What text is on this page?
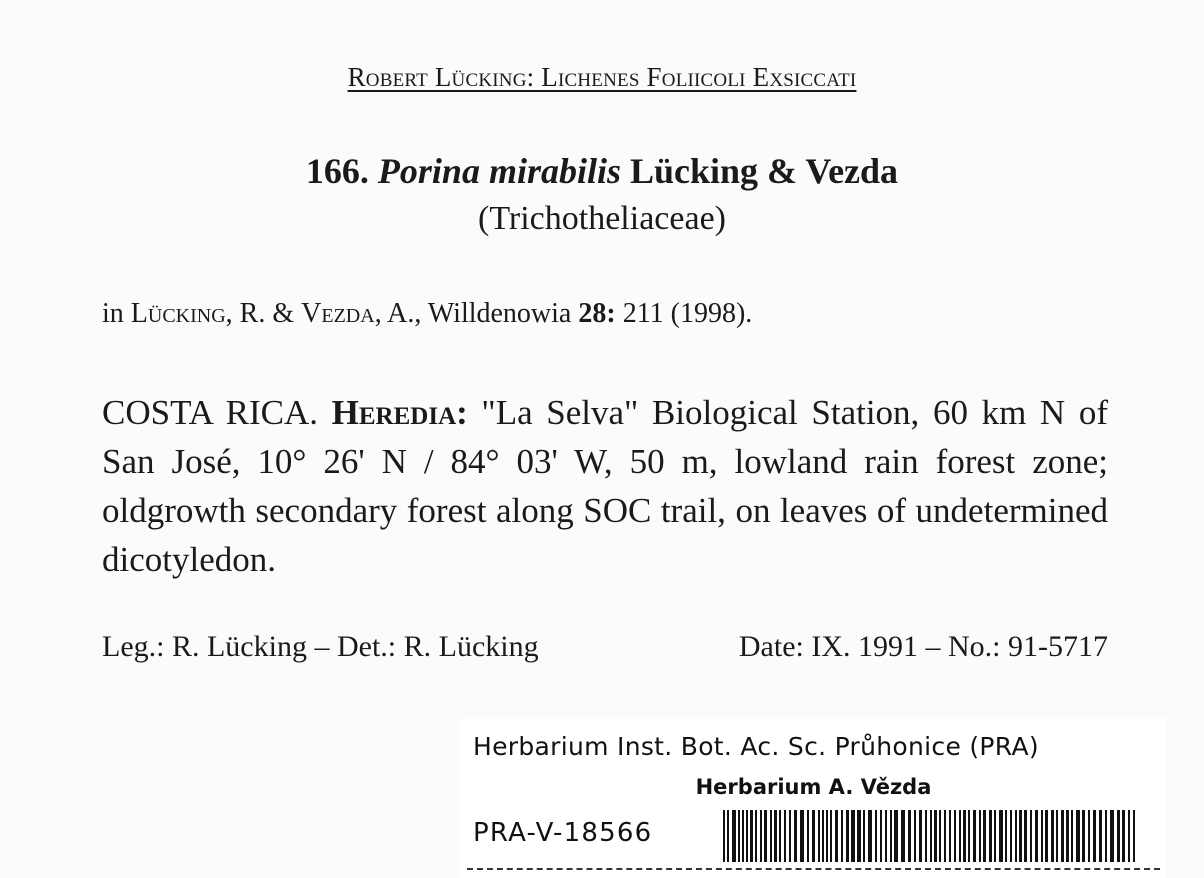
Robert Lücking: Lichenes Foliicoli Exsiccati
166. Porina mirabilis Lücking & Vezda
(Trichotheliaceae)
in Lücking, R. & Vezda, A., Willdenowia 28: 211 (1998).
COSTA RICA. Heredia: "La Selva" Biological Station, 60 km N of San José, 10° 26' N / 84° 03' W, 50 m, lowland rain forest zone; oldgrowth secondary forest along SOC trail, on leaves of undetermined dicotyledon.
Leg.: R. Lücking – Det.: R. Lücking	Date: IX. 1991 – No.: 91-5717
Herbarium Inst. Bot. Ac. Sc. Průhonice (PRA)
Herbarium A. Vězda
PRA-V-18566
